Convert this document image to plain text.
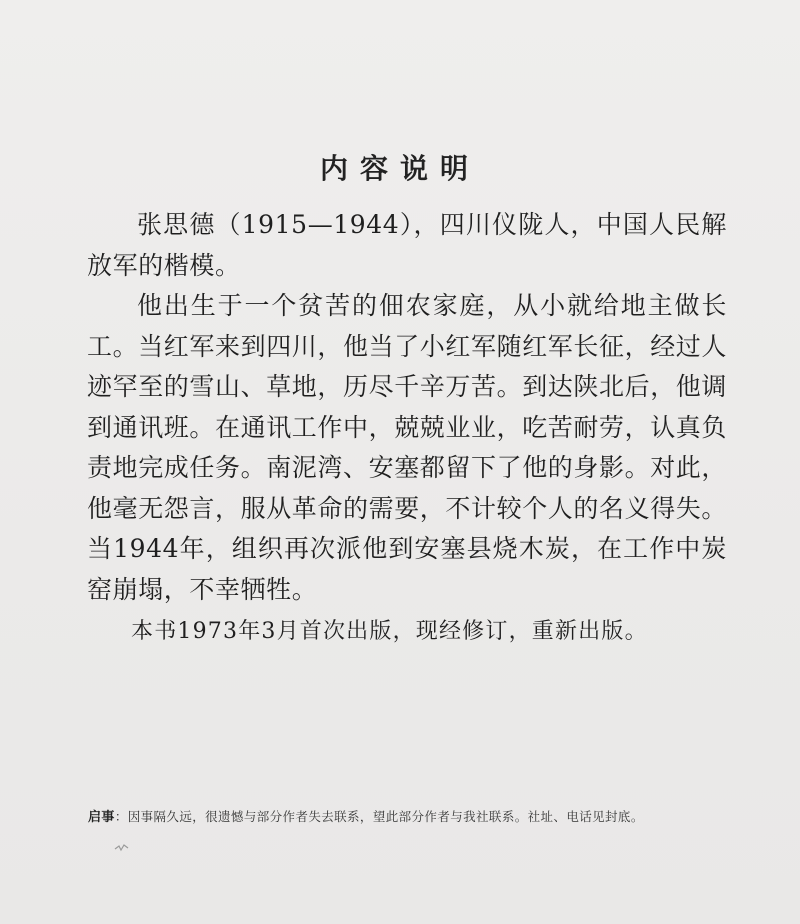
内容说明

张思德（1915—1944），四川仪陇人，中国人民解放军的楷模。

他出生于一个贫苦的佃农家庭，从小就给地主做长工。当红军来到四川，他当了小红军随红军长征，经过人迹罕至的雪山、草地，历尽千辛万苦。到达陕北后，他调到通讯班。在通讯工作中，兢兢业业，吃苦耐劳，认真负责地完成任务。南泥湾、安塞都留下了他的身影。对此，他毫无怨言，服从革命的需要，不计较个人的名义得失。当1944年，组织再次派他到安塞县烧木炭，在工作中炭窑崩塌，不幸牺牲。

本书1973年3月首次出版，现经修订，重新出版。

启事：因事隔久远，很遗憾与部分作者失去联系，望此部分作者与我社联系。社址、电话见封底。
